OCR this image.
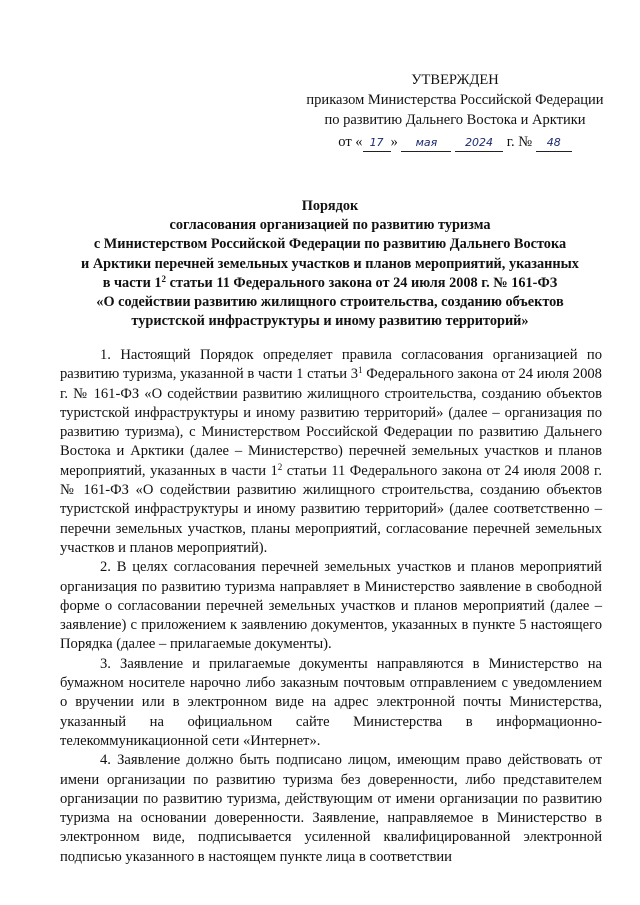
УТВЕРЖДЕН
приказом Министерства Российской Федерации
по развитию Дальнего Востока и Арктики
от « 17 » мая	2024 г. № 48
Порядок
согласования организацией по развитию туризма
с Министерством Российской Федерации по развитию Дальнего Востока
и Арктики перечней земельных участков и планов мероприятий, указанных
в части $1^2$ статьи 11 Федерального закона от 24 июля 2008 г. № 161-ФЗ
«О содействии развитию жилищного строительства, созданию объектов
туристской инфраструктуры и иному развитию территорий»

1. Настоящий Порядок определяет правила согласования организацией по развитию туризма, указанной в части 1 статьи $3^1$ Федерального закона от 24 июля 2008 г. № 161-ФЗ «О содействии развитию жилищного строительства, созданию объектов туристской инфраструктуры и иному развитию территорий» (далее – организация по развитию туризма), с Министерством Российской Федерации по развитию Дальнего Востока и Арктики (далее – Министерство) перечней земельных участков и планов мероприятий, указанных в части $1^2$ статьи 11 Федерального закона от 24 июля 2008 г. № 161-ФЗ «О содействии развитию жилищного строительства, созданию объектов туристской инфраструктуры и иному развитию территорий» (далее соответственно – перечни земельных участков, планы мероприятий, согласование перечней земельных участков и планов мероприятий).

2. В целях согласования перечней земельных участков и планов мероприятий организация по развитию туризма направляет в Министерство заявление в свободной форме о согласовании перечней земельных участков и планов мероприятий (далее – заявление) с приложением к заявлению документов, указанных в пункте 5 настоящего Порядка (далее – прилагаемые документы).

3. Заявление и прилагаемые документы направляются в Министерство на бумажном носителе нарочно либо заказным почтовым отправлением с уведомлением о вручении или в электронном виде на адрес электронной почты Министерства, указанный на официальном сайте Министерства в информационно-телекоммуникационной сети «Интернет».

4. Заявление должно быть подписано лицом, имеющим право действовать от имени организации по развитию туризма без доверенности, либо представителем организации по развитию туризма, действующим от имени организации по развитию туризма на основании доверенности. Заявление, направляемое в Министерство в электронном виде, подписывается усиленной квалифицированной электронной подписью указанного в настоящем пункте лица в соответствии
